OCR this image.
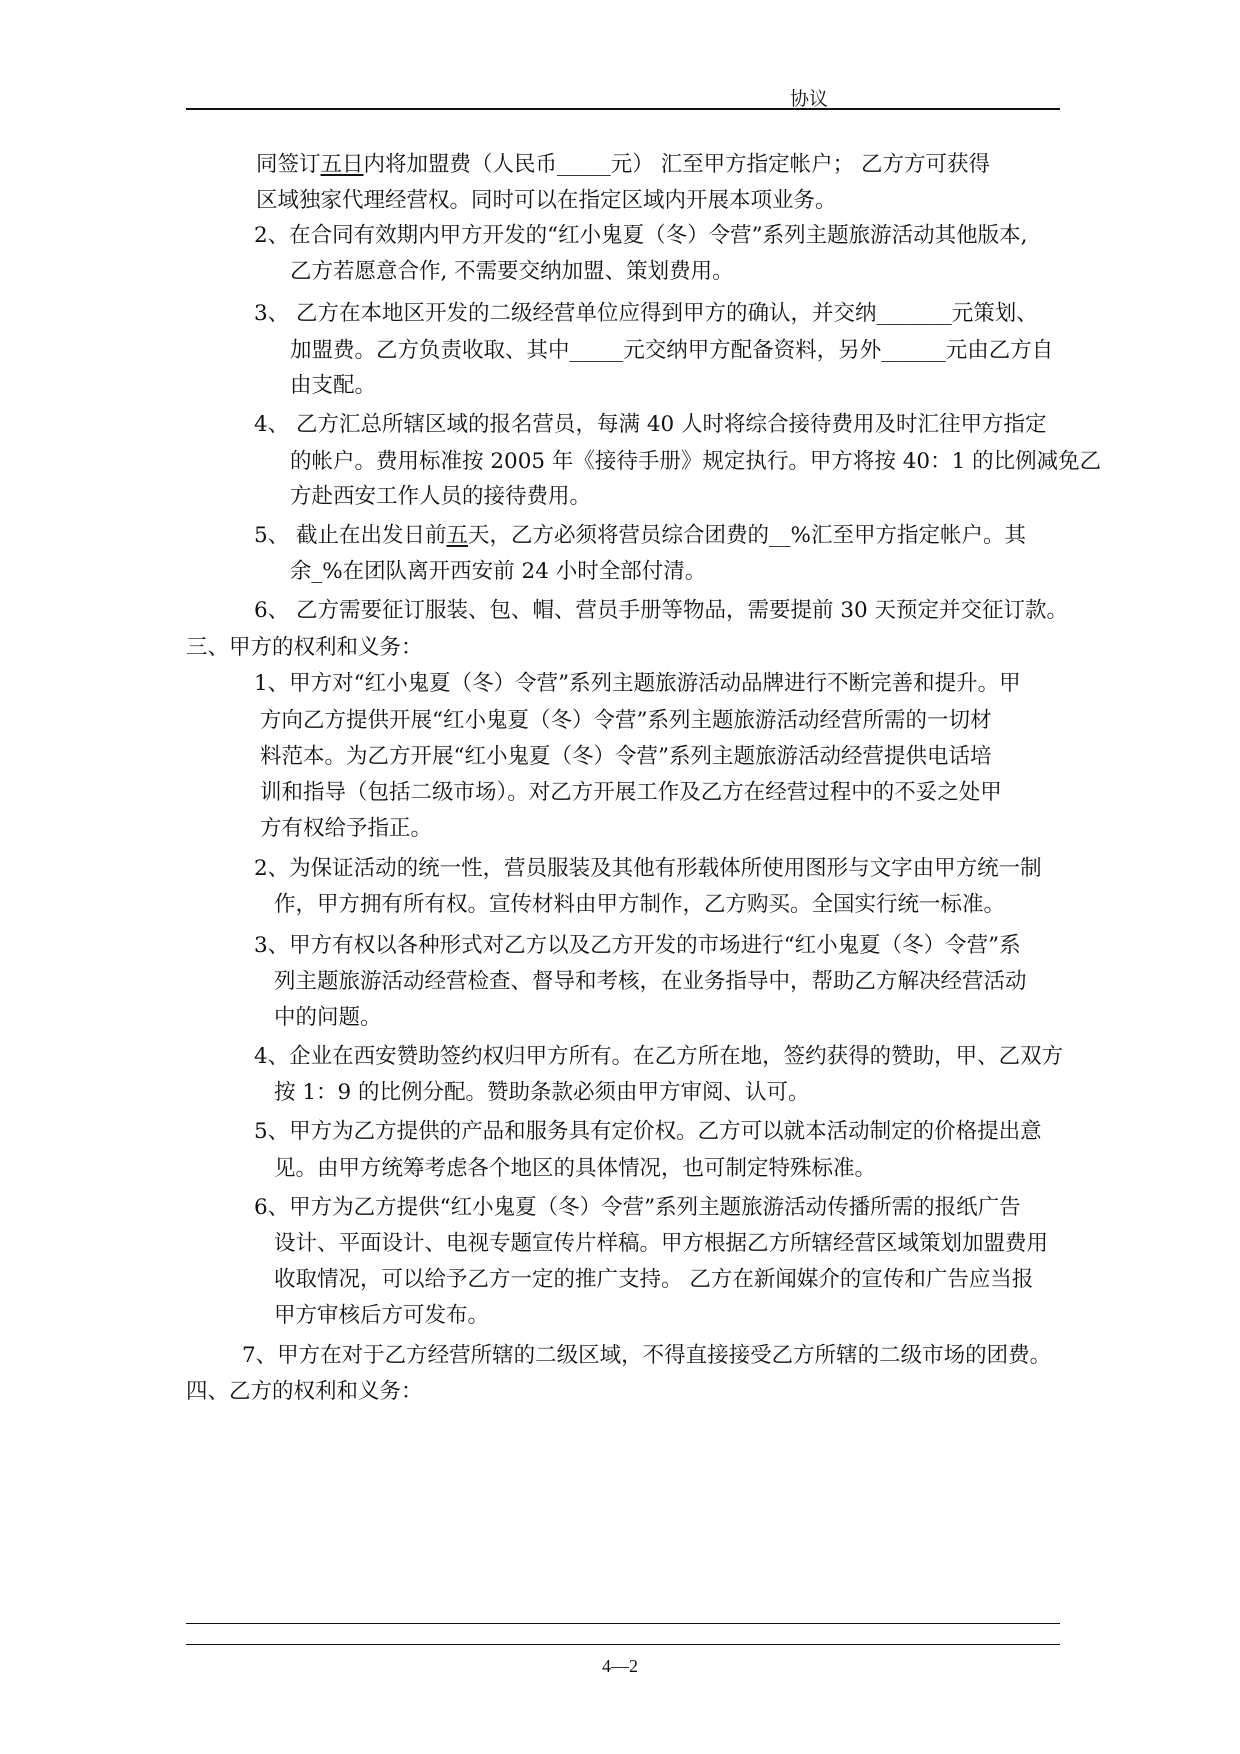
协议
同签订五日内将加盟费（人民币_____元） 汇至甲方指定帐户； 乙方方可获得
区域独家代理经营权。同时可以在指定区域内开展本项业务。
2、在合同有效期内甲方开发的“红小鬼夏（冬）令营”系列主题旅游活动其他版本,
乙方若愿意合作, 不需要交纳加盟、策划费用。
3、 乙方在本地区开发的二级经营单位应得到甲方的确认，并交纳_______元策划、
加盟费。乙方负责收取、其中_____元交纳甲方配备资料，另外______元由乙方自
由支配。
4、 乙方汇总所辖区域的报名营员，每满 40 人时将综合接待费用及时汇往甲方指定
的帐户。费用标准按 2005 年《接待手册》规定执行。甲方将按 40：1 的比例减免乙
方赴西安工作人员的接待费用。
5、 截止在出发日前五天，乙方必须将营员综合团费的__%汇至甲方指定帐户。其
余_%在团队离开西安前 24 小时全部付清。
6、 乙方需要征订服装、包、帽、营员手册等物品，需要提前 30 天预定并交征订款。
三、甲方的权利和义务：
1、甲方对“红小鬼夏（冬）令营”系列主题旅游活动品牌进行不断完善和提升。甲
方向乙方提供开展“红小鬼夏（冬）令营”系列主题旅游活动经营所需的一切材
料范本。为乙方开展“红小鬼夏（冬）令营”系列主题旅游活动经营提供电话培
训和指导（包括二级市场）。对乙方开展工作及乙方在经营过程中的不妥之处甲
方有权给予指正。
2、为保证活动的统一性，营员服装及其他有形载体所使用图形与文字由甲方统一制
作，甲方拥有所有权。宣传材料由甲方制作，乙方购买。全国实行统一标准。
3、甲方有权以各种形式对乙方以及乙方开发的市场进行“红小鬼夏（冬）令营”系
列主题旅游活动经营检查、督导和考核，在业务指导中，帮助乙方解决经营活动
中的问题。
4、企业在西安赞助签约权归甲方所有。在乙方所在地，签约获得的赞助，甲、乙双方
按 1：9 的比例分配。赞助条款必须由甲方审阅、认可。
5、甲方为乙方提供的产品和服务具有定价权。乙方可以就本活动制定的价格提出意
见。由甲方统筹考虑各个地区的具体情况，也可制定特殊标准。
6、甲方为乙方提供“红小鬼夏（冬）令营”系列主题旅游活动传播所需的报纸广告
设计、平面设计、电视专题宣传片样稿。甲方根据乙方所辖经营区域策划加盟费用
收取情况，可以给予乙方一定的推广支持。 乙方在新闻媒介的宣传和广告应当报
甲方审核后方可发布。
7、甲方在对于乙方经营所辖的二级区域，不得直接接受乙方所辖的二级市场的团费。
四、乙方的权利和义务：
4—2
